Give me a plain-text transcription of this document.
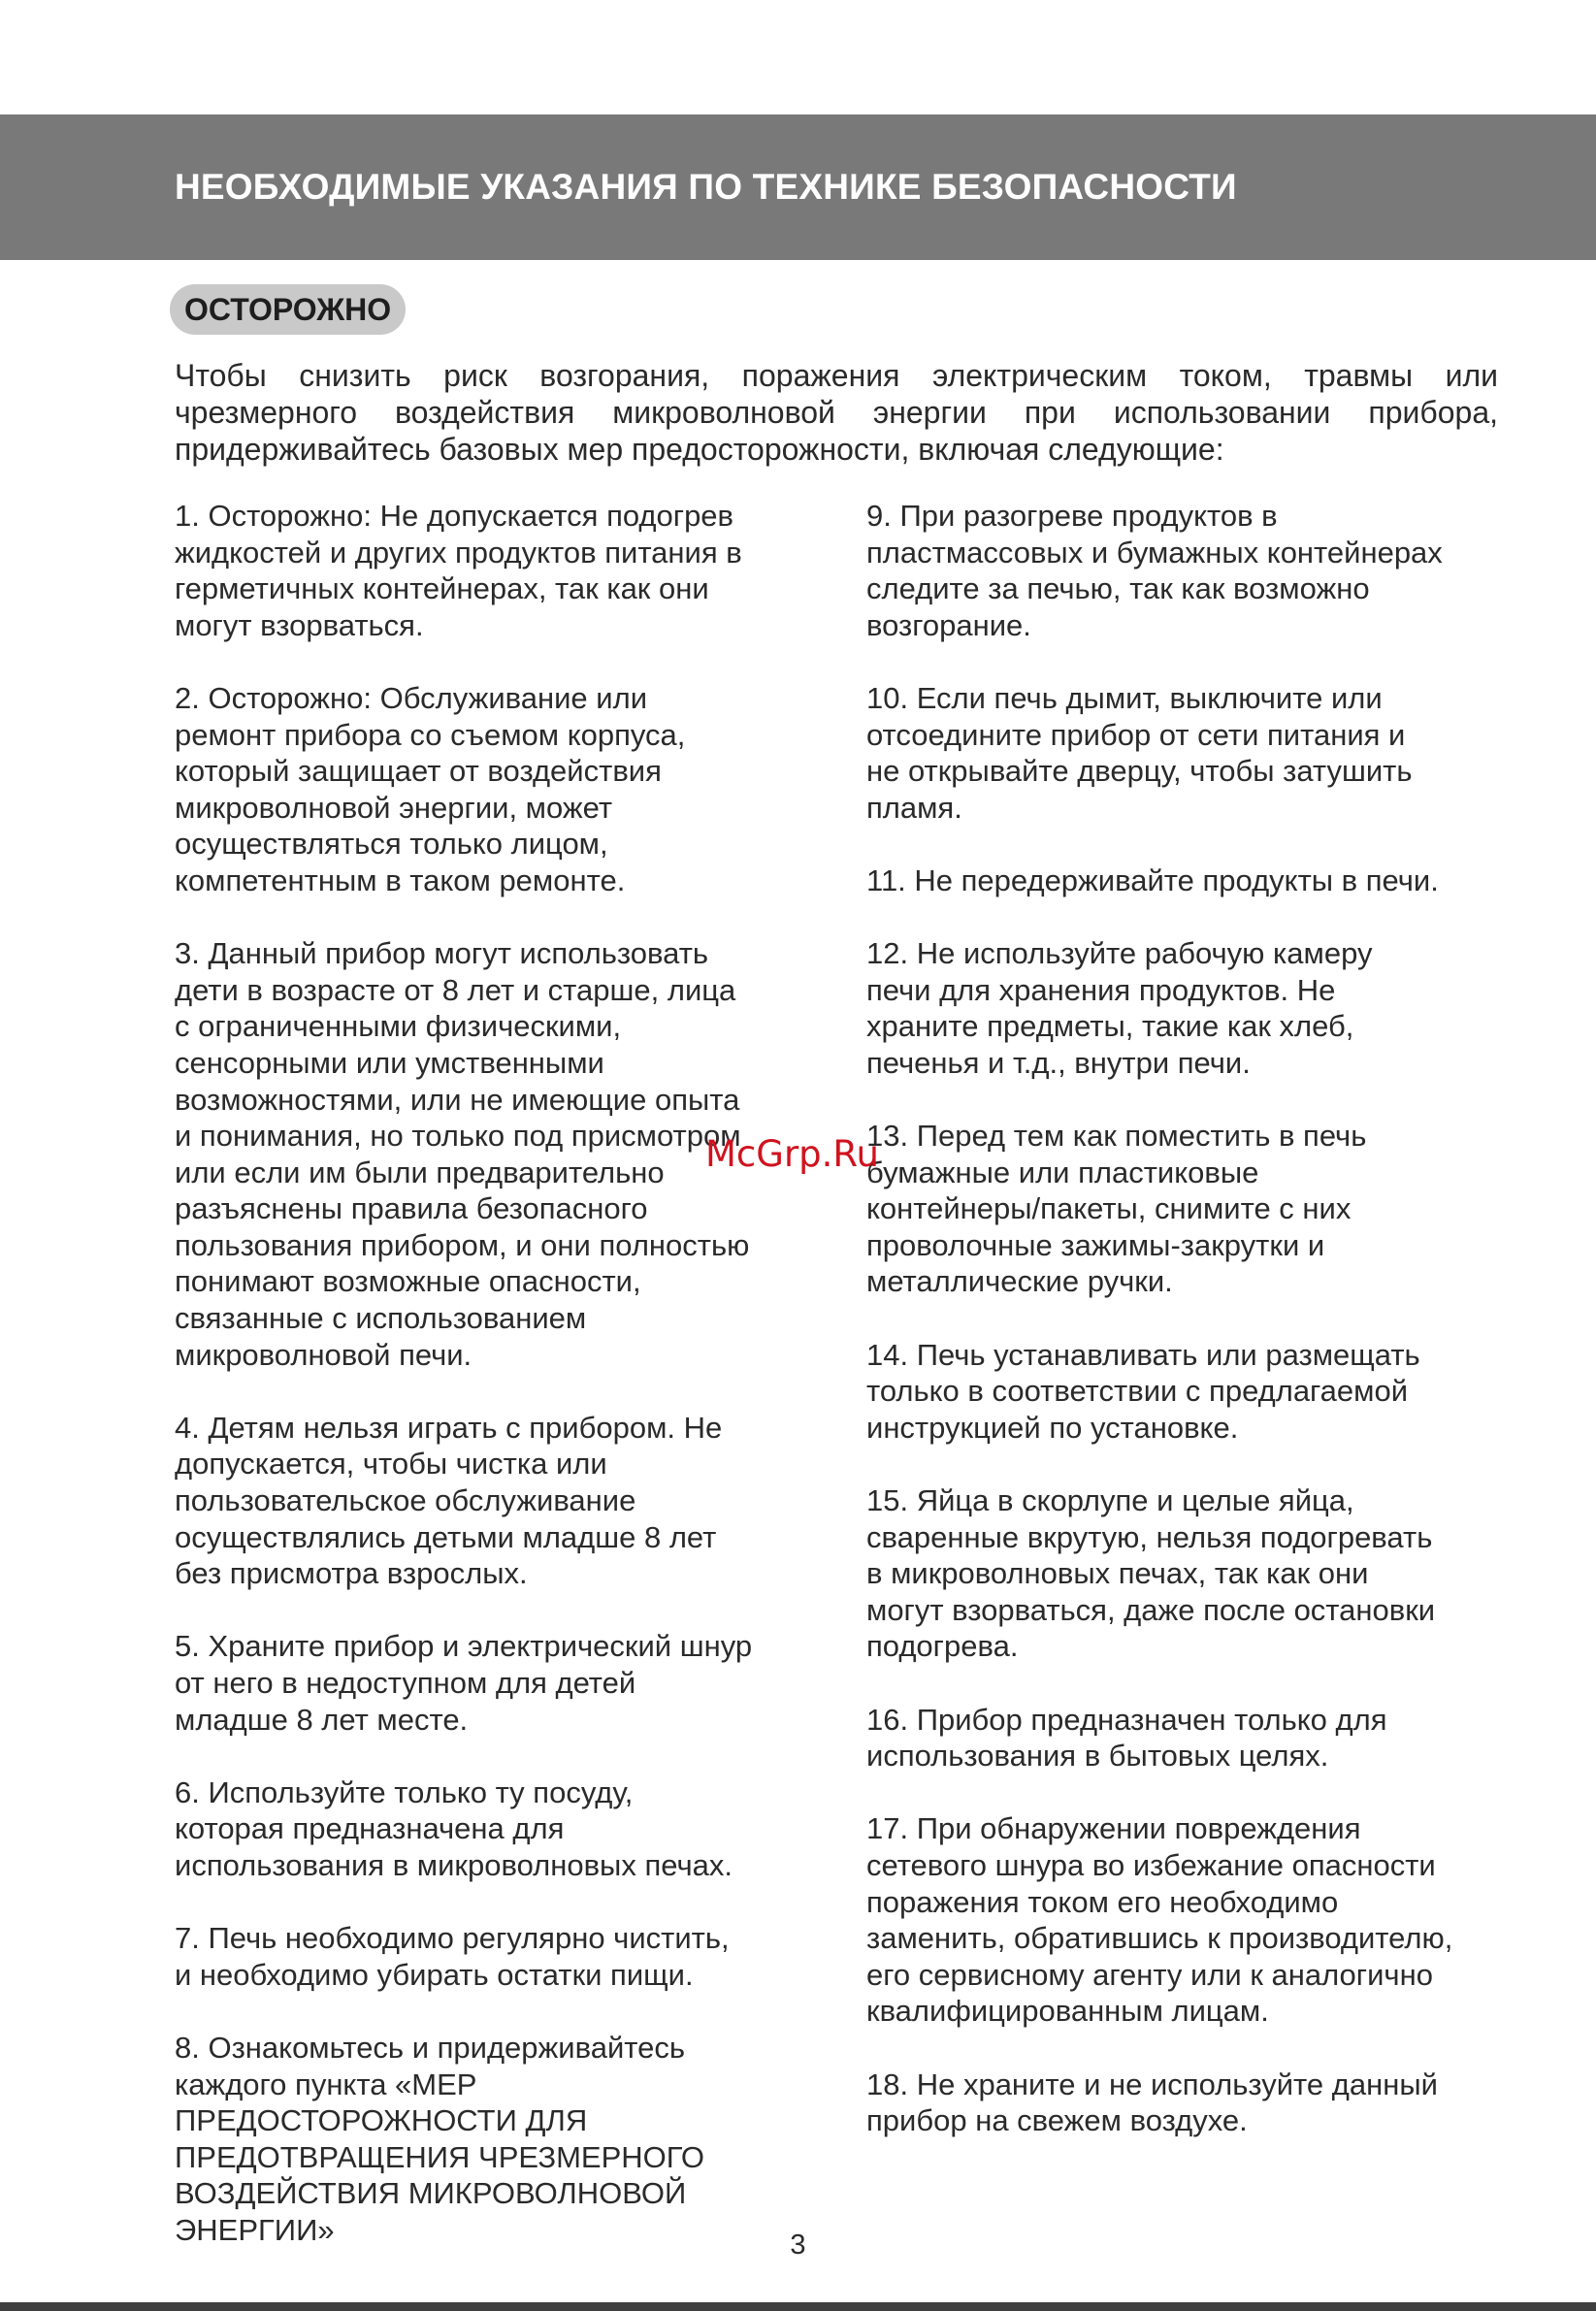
НЕОБХОДИМЫЕ УКАЗАНИЯ ПО ТЕХНИКЕ БЕЗОПАСНОСТИ
ОСТОРОЖНО

Чтобы снизить риск возгорания, поражения электрическим током, травмы или чрезмерного воздействия микроволновой энергии при использовании прибора, придерживайтесь базовых мер предосторожности, включая следующие:

1. Осторожно: Не допускается подогрев
жидкостей и других продуктов питания в
герметичных контейнерах, так как они
могут взорваться.
2. Осторожно: Обслуживание или
ремонт прибора со съемом корпуса,
который защищает от воздействия
микроволновой энергии, может
осуществляться только лицом,
компетентным в таком ремонте.
3. Данный прибор могут использовать
дети в возрасте от 8 лет и старше, лица
с ограниченными физическими,
сенсорными или умственными
возможностями, или не имеющие опыта
и понимания, но только под присмотром
или если им были предварительно
разъяснены правила безопасного
пользования прибором, и они полностью
понимают возможные опасности,
связанные с использованием
микроволновой печи.
4. Детям нельзя играть с прибором. Не
допускается, чтобы чистка или
пользовательское обслуживание
осуществлялись детьми младше 8 лет
без присмотра взрослых.
5. Храните прибор и электрический шнур
от него в недоступном для детей
младше 8 лет месте.
6. Используйте только ту посуду,
которая предназначена для
использования в микроволновых печах.
7. Печь необходимо регулярно чистить,
и необходимо убирать остатки пищи.
8. Ознакомьтесь и придерживайтесь
каждого пункта «МЕР
ПРЕДОСТОРОЖНОСТИ ДЛЯ
ПРЕДОТВРАЩЕНИЯ ЧРЕЗМЕРНОГО
ВОЗДЕЙСТВИЯ МИКРОВОЛНОВОЙ
ЭНЕРГИИ»
9. При разогреве продуктов в
пластмассовых и бумажных контейнерах
следите за печью, так как возможно
возгорание.
10. Если печь дымит, выключите или
отсоедините прибор от сети питания и
не открывайте дверцу, чтобы затушить
пламя.
11. Не передерживайте продукты в печи.
12. Не используйте рабочую камеру
печи для хранения продуктов. Не
храните предметы, такие как хлеб,
печенья и т.д., внутри печи.
13. Перед тем как поместить в печь
бумажные или пластиковые
контейнеры/пакеты, снимите с них
проволочные зажимы-закрутки и
металлические ручки.
14. Печь устанавливать или размещать
только в соответствии с предлагаемой
инструкцией по установке.
15. Яйца в скорлупе и целые яйца,
сваренные вкрутую, нельзя подогревать
в микроволновых печах, так как они
могут взорваться, даже после остановки
подогрева.
16. Прибор предназначен только для
использования в бытовых целях.
17. При обнаружении повреждения
сетевого шнура во избежание опасности
поражения током его необходимо
заменить, обратившись к производителю,
его сервисному агенту или к аналогично
квалифицированным лицам.
18. Не храните и не используйте данный
прибор на свежем воздухе.
McGrp.Ru
3
